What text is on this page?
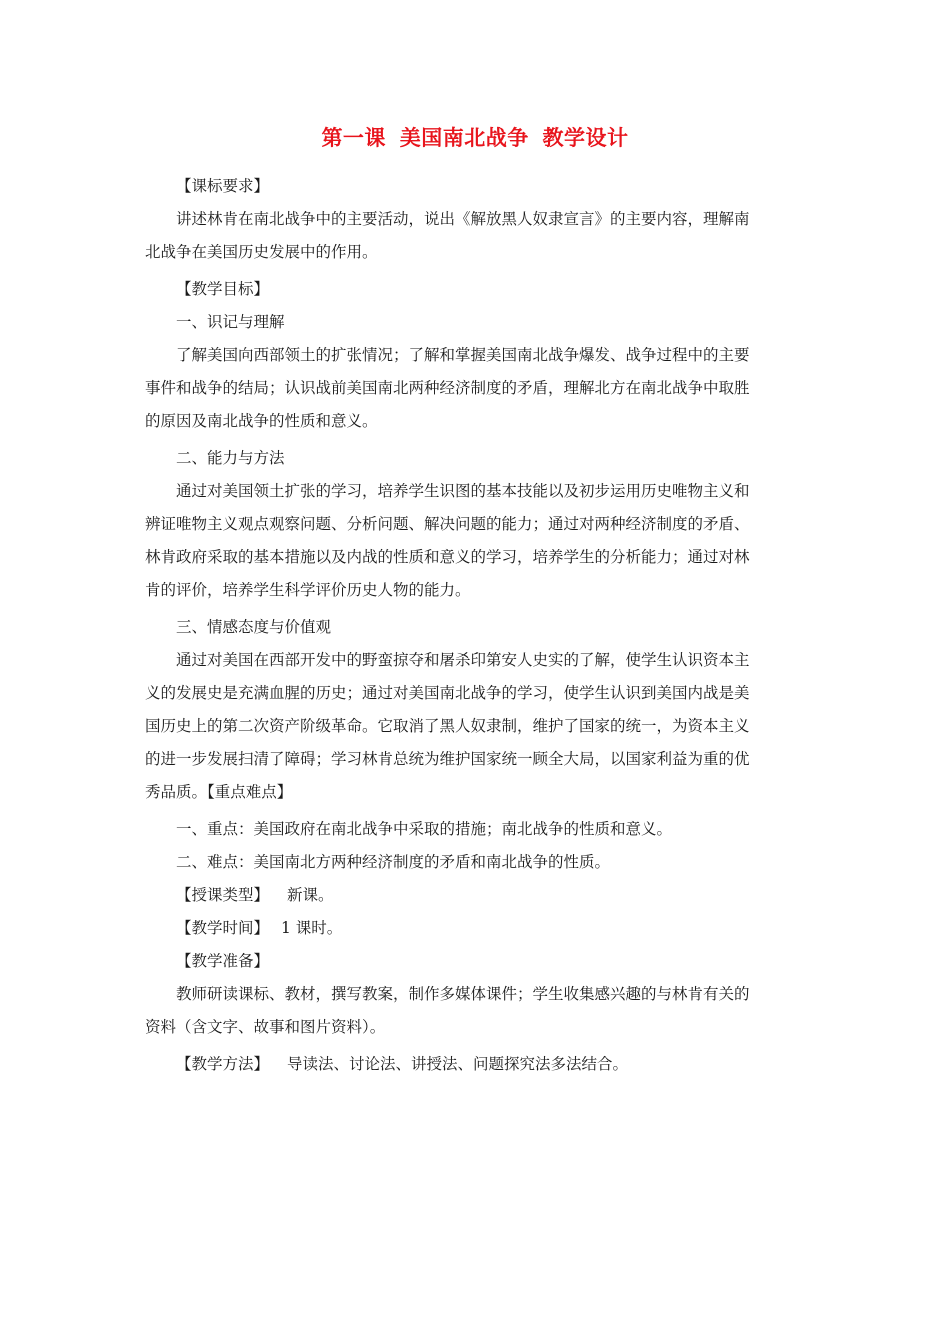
第一课 美国南北战争 教学设计
【课标要求】
讲述林肯在南北战争中的主要活动，说出《解放黑人奴隶宣言》的主要内容，理解南
北战争在美国历史发展中的作用。
【教学目标】
一、识记与理解
了解美国向西部领土的扩张情况；了解和掌握美国南北战争爆发、战争过程中的主要
事件和战争的结局；认识战前美国南北两种经济制度的矛盾，理解北方在南北战争中取胜
的原因及南北战争的性质和意义。
二、能力与方法
通过对美国领土扩张的学习，培养学生识图的基本技能以及初步运用历史唯物主义和
辨证唯物主义观点观察问题、分析问题、解决问题的能力；通过对两种经济制度的矛盾、
林肯政府采取的基本措施以及内战的性质和意义的学习，培养学生的分析能力；通过对林
肯的评价，培养学生科学评价历史人物的能力。
三、情感态度与价值观
通过对美国在西部开发中的野蛮掠夺和屠杀印第安人史实的了解，使学生认识资本主
义的发展史是充满血腥的历史；通过对美国南北战争的学习，使学生认识到美国内战是美
国历史上的第二次资产阶级革命。它取消了黑人奴隶制，维护了国家的统一，为资本主义
的进一步发展扫清了障碍；学习林肯总统为维护国家统一顾全大局，以国家利益为重的优
秀品质。【重点难点】
一、重点：美国政府在南北战争中采取的措施；南北战争的性质和意义。
二、难点：美国南北方两种经济制度的矛盾和南北战争的性质。
【授课类型】 新课。
【教学时间】 1 课时。
【教学准备】
教师研读课标、教材，撰写教案，制作多媒体课件；学生收集感兴趣的与林肯有关的
资料（含文字、故事和图片资料）。
【教学方法】 导读法、讨论法、讲授法、问题探究法多法结合。
